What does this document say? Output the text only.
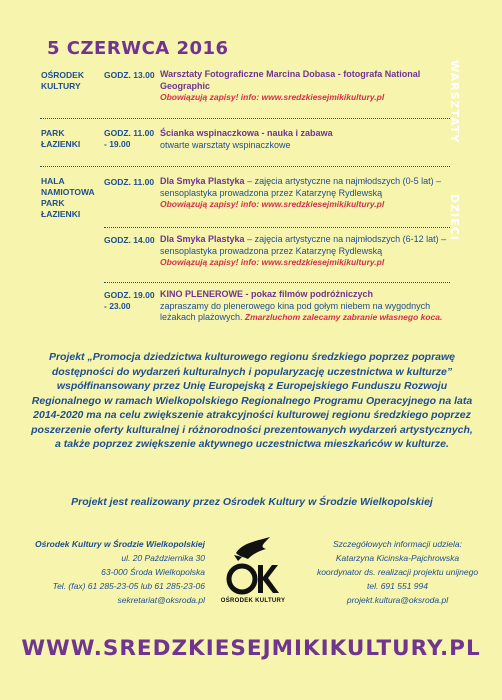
5 CZERWCA 2016
WARSZTATY
DZIECI
OŚRODEK
KULTURY
GODZ. 13.00 Warsztaty Fotograficzne Marcina Dobasa - fotografa National Geographic
Obowiązują zapisy! info: www.sredzkiesejmikikultury.pl
PARK
ŁAZIENKI
GODZ. 11.00
- 19.00
Ścianka wspinaczkowa - nauka i zabawa
otwarte warsztaty wspinaczkowe
HALA
NAMIOTOWA
PARK
ŁAZIENKI
GODZ. 11.00 Dla Smyka Plastyka – zajęcia artystyczne na najmłodszych (0-5 lat) – sensoplastyka prowadzona przez Katarzynę Rydlewską
Obowiązują zapisy! info: www.sredzkiesejmikikultury.pl
GODZ. 14.00 Dla Smyka Plastyka – zajęcia artystyczne na najmłodszych (6-12 lat) – sensoplastyka prowadzona przez Katarzynę Rydlewską
Obowiązują zapisy! info: www.sredzkiesejmikikultury.pl
GODZ. 19.00
- 23.00
KINO PLENEROWE - pokaz filmów podróżniczych
zapraszamy do plenerowego kina pod gołym niebem na wygodnych leżakach plażowych. Zmarzluchom zalecamy zabranie własnego koca.
Projekt „Promocja dziedzictwa kulturowego regionu średzkiego poprzez poprawę dostępności do wydarzeń kulturalnych i popularyzację uczestnictwa w kulturze” współfinansowany przez Unię Europejską z Europejskiego Funduszu Rozwoju Regionalnego w ramach Wielkopolskiego Regionalnego Programu Operacyjnego na lata 2014-2020 ma na celu zwiększenie atrakcyjności kulturowej regionu średzkiego poprzez poszerzenie oferty kulturalnej i różnorodności prezentowanych wydarzeń artystycznych, a także poprzez zwiększenie aktywnego uczestnictwa mieszkańców w kulturze.
Projekt jest realizowany przez Ośrodek Kultury w Środzie Wielkopolskiej
Ośrodek Kultury w Środzie Wielkopolskiej
ul. 20 Października 30
63-000 Środa Wielkopolska
Tel. (fax) 61 285-23-05 lub 61 285-23-06
sekretariat@oksroda.pl	OŚRODEK KULTURY
Szczegółowych informacji udziela:
Katarzyna Kicinska-Pajchrowska
koordynator ds. realizacji projektu unijnego
tel. 691 551 994
projekt.kultura@oksroda.pl
WWW.SREDZKIESEJMIKIKULTURY.PL
